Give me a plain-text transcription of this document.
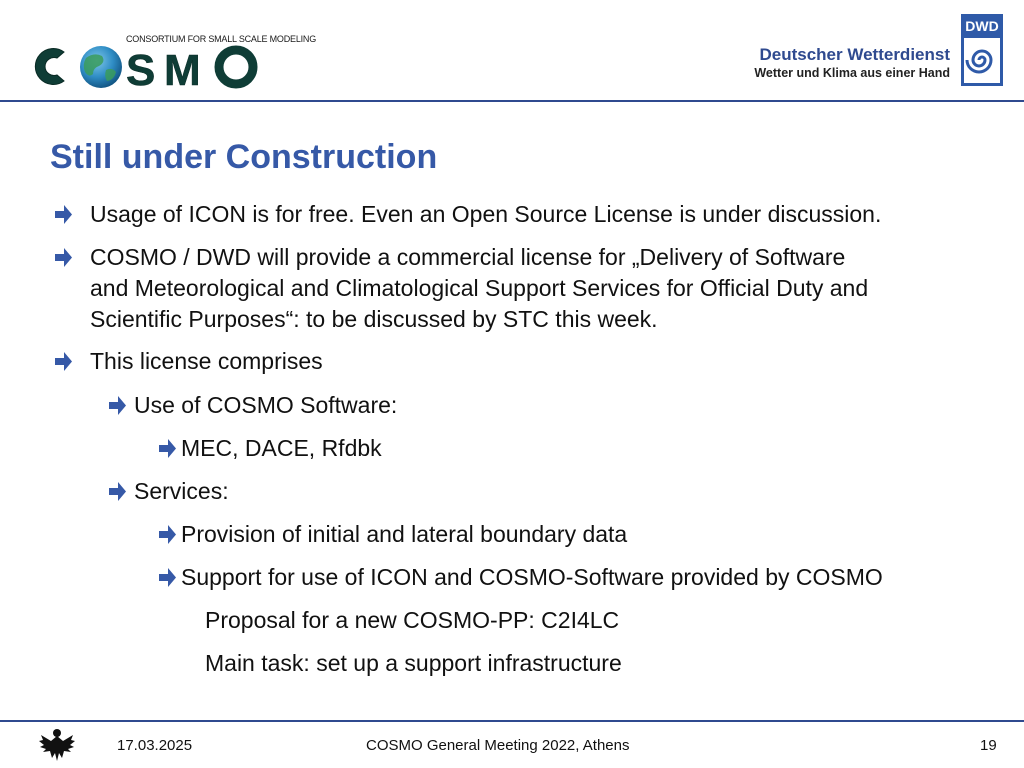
CONSORTIUM FOR SMALL SCALE MODELING
S M	Deutscher Wetterdienst
Wetter und Klima aus einer Hand
DWD
Still under Construction
Usage of ICON is for free. Even an Open Source License is under discussion.
COSMO / DWD will provide a commercial license for „Delivery of Software
and Meteorological and Climatological Support Services for Official Duty and
Scientific Purposes“: to be discussed by STC this week.
This license comprises
Use of COSMO Software:
MEC, DACE, Rfdbk
Services:
Provision of initial and lateral boundary data
Support for use of ICON and COSMO-Software provided by COSMO
Proposal for a new COSMO-PP: C2I4LC
Main task: set up a support infrastructure
17.03.2025	COSMO General Meeting 2022, Athens	19
